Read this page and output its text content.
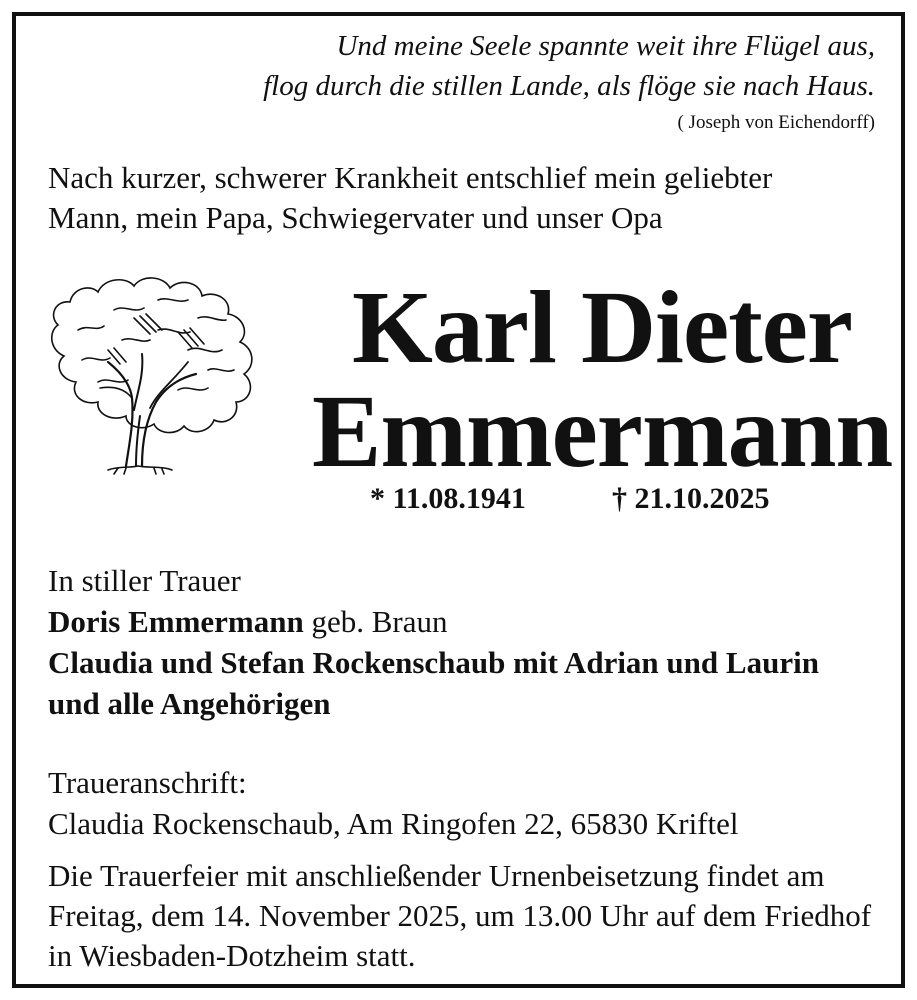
Und meine Seele spannte weit ihre Flügel aus,
flog durch die stillen Lande, als flöge sie nach Haus.
( Joseph von Eichendorff)
Nach kurzer, schwerer Krankheit entschlief mein geliebter
Mann, mein Papa, Schwiegervater und unser Opa
Karl Dieter
Emmermann
* 11.08.1941	† 21.10.2025
In stiller Trauer
Doris Emmermann geb. Braun
Claudia und Stefan Rockenschaub mit Adrian und Laurin
und alle Angehörigen
Traueranschrift:
Claudia Rockenschaub, Am Ringofen 22, 65830 Kriftel
Die Trauerfeier mit anschließender Urnenbeisetzung findet am
Freitag, dem 14. November 2025, um 13.00 Uhr auf dem Friedhof
in Wiesbaden-Dotzheim statt.
